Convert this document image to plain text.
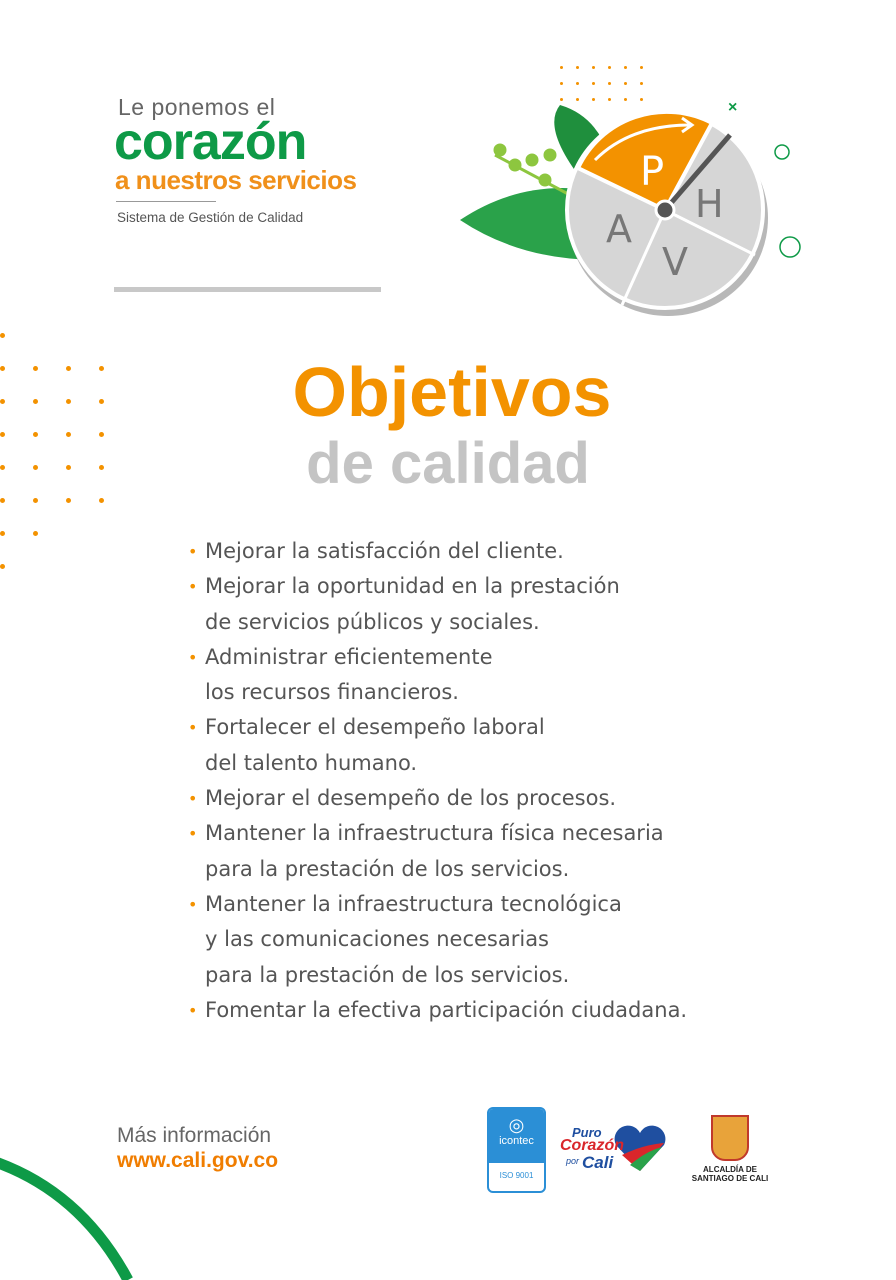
Le ponemos el
corazón
a nuestros servicios
Sistema de Gestión de Calidad
P
H
V
A
×
Objetivos
de calidad
• Mejorar la satisfacción del cliente.
• Mejorar la oportunidad en la prestación
de servicios públicos y sociales.
• Administrar eficientemente
los recursos financieros.
• Fortalecer el desempeño laboral
del talento humano.
• Mejorar el desempeño de los procesos.
• Mantener la infraestructura física necesaria
para la prestación de los servicios.
• Mantener la infraestructura tecnológica
y las comunicaciones necesarias
para la prestación de los servicios.
• Fomentar la efectiva participación ciudadana.
Más información
www.cali.gov.co
◎
icontec
ISO 9001
Puro
Corazón
por Cali	ALCALDÍA DE
SANTIAGO DE CALI
